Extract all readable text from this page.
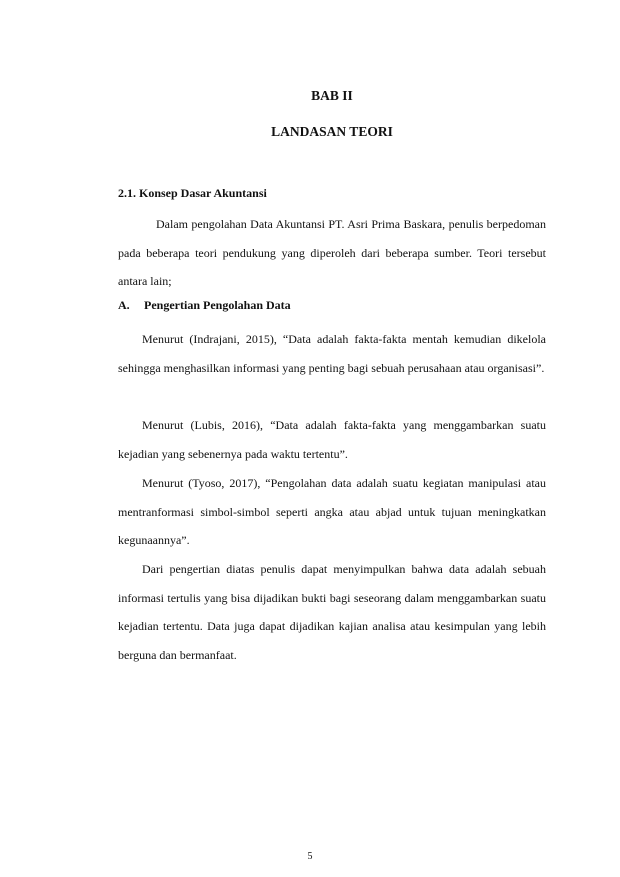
BAB II
LANDASAN TEORI
2.1. Konsep Dasar Akuntansi

Dalam pengolahan Data Akuntansi PT. Asri Prima Baskara, penulis berpedoman pada beberapa teori pendukung yang diperoleh dari beberapa sumber. Teori tersebut antara lain;

A. Pengertian Pengolahan Data

Menurut (Indrajani, 2015), “Data adalah fakta-fakta mentah kemudian dikelola sehingga menghasilkan informasi yang penting bagi sebuah perusahaan atau organisasi”.

Menurut (Lubis, 2016), “Data adalah fakta-fakta yang menggambarkan suatu kejadian yang sebenernya pada waktu tertentu”.

Menurut (Tyoso, 2017), “Pengolahan data adalah suatu kegiatan manipulasi atau mentranformasi simbol-simbol seperti angka atau abjad untuk tujuan meningkatkan kegunaannya”.

Dari pengertian diatas penulis dapat menyimpulkan bahwa data adalah sebuah informasi tertulis yang bisa dijadikan bukti bagi seseorang dalam menggambarkan suatu kejadian tertentu. Data juga dapat dijadikan kajian analisa atau kesimpulan yang lebih berguna dan bermanfaat.

5
